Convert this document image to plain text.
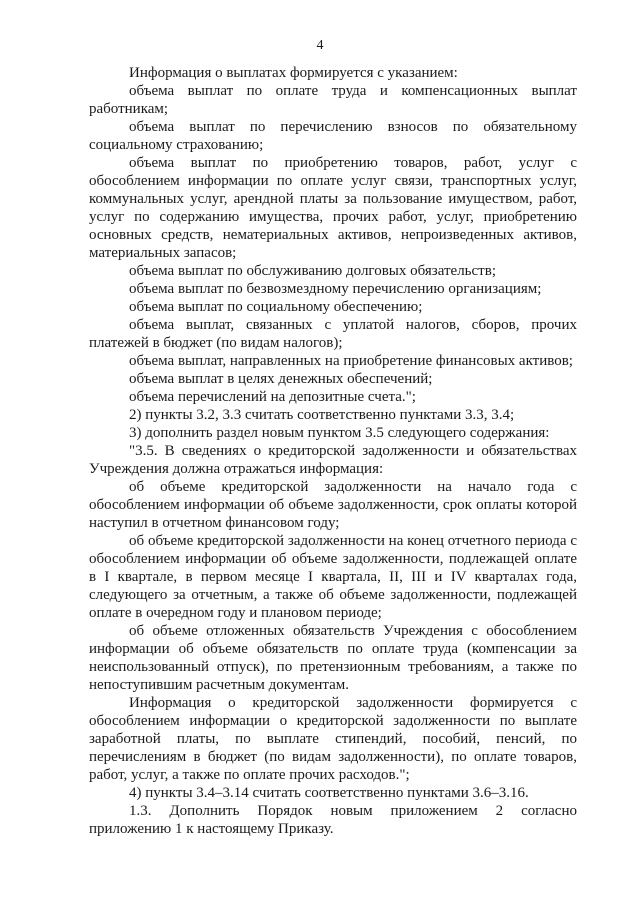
4

Информация о выплатах формируется с указанием:

объема выплат по оплате труда и компенсационных выплат работникам;

объема выплат по перечислению взносов по обязательному социальному страхованию;

объема выплат по приобретению товаров, работ, услуг с обособлением информации по оплате услуг связи, транспортных услуг, коммунальных услуг, арендной платы за пользование имуществом, работ, услуг по содержанию имущества, прочих работ, услуг, приобретению основных средств, нематериальных активов, непроизведенных активов, материальных запасов;

объема выплат по обслуживанию долговых обязательств;

объема выплат по безвозмездному перечислению организациям;

объема выплат по социальному обеспечению;

объема выплат, связанных с уплатой налогов, сборов, прочих платежей в бюджет (по видам налогов);

объема выплат, направленных на приобретение финансовых активов;

объема выплат в целях денежных обеспечений;

объема перечислений на депозитные счета.";

2) пункты 3.2, 3.3 считать соответственно пунктами 3.3, 3.4;

3) дополнить раздел новым пунктом 3.5 следующего содержания:

"3.5. В сведениях о кредиторской задолженности и обязательствах Учреждения должна отражаться информация:

об объеме кредиторской задолженности на начало года с обособлением информации об объеме задолженности, срок оплаты которой наступил в отчетном финансовом году;

об объеме кредиторской задолженности на конец отчетного периода с обособлением информации об объеме задолженности, подлежащей оплате в I квартале, в первом месяце I квартала, II, III и IV кварталах года, следующего за отчетным, а также об объеме задолженности, подлежащей оплате в очередном году и плановом периоде;

об объеме отложенных обязательств Учреждения с обособлением информации об объеме обязательств по оплате труда (компенсации за неиспользованный отпуск), по претензионным требованиям, а также по непоступившим расчетным документам.

Информация о кредиторской задолженности формируется с обособлением информации о кредиторской задолженности по выплате заработной платы, по выплате стипендий, пособий, пенсий, по перечислениям в бюджет (по видам задолженности), по оплате товаров, работ, услуг, а также по оплате прочих расходов.";

4) пункты 3.4–3.14 считать соответственно пунктами 3.6–3.16.

1.3. Дополнить Порядок новым приложением 2 согласно приложению 1 к настоящему Приказу.
